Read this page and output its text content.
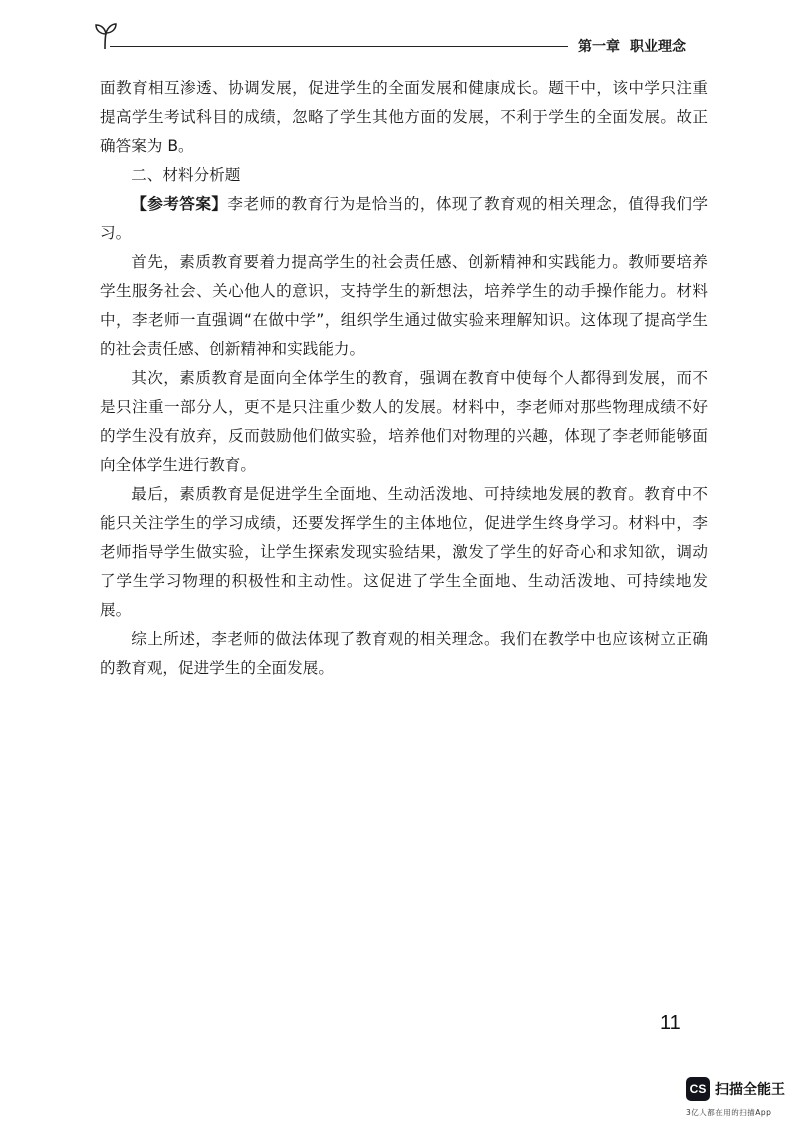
第一章 职业理念

面教育相互渗透、协调发展，促进学生的全面发展和健康成长。题干中，该中学只注重提高学生考试科目的成绩，忽略了学生其他方面的发展，不利于学生的全面发展。故正确答案为 B。

二、材料分析题

【参考答案】李老师的教育行为是恰当的，体现了教育观的相关理念，值得我们学习。

首先，素质教育要着力提高学生的社会责任感、创新精神和实践能力。教师要培养学生服务社会、关心他人的意识，支持学生的新想法，培养学生的动手操作能力。材料中，李老师一直强调“在做中学”，组织学生通过做实验来理解知识。这体现了提高学生的社会责任感、创新精神和实践能力。

其次，素质教育是面向全体学生的教育，强调在教育中使每个人都得到发展，而不是只注重一部分人，更不是只注重少数人的发展。材料中，李老师对那些物理成绩不好的学生没有放弃，反而鼓励他们做实验，培养他们对物理的兴趣，体现了李老师能够面向全体学生进行教育。

最后，素质教育是促进学生全面地、生动活泼地、可持续地发展的教育。教育中不能只关注学生的学习成绩，还要发挥学生的主体地位，促进学生终身学习。材料中，李老师指导学生做实验，让学生探索发现实验结果，激发了学生的好奇心和求知欲，调动了学生学习物理的积极性和主动性。这促进了学生全面地、生动活泼地、可持续地发展。

综上所述，李老师的做法体现了教育观的相关理念。我们在教学中也应该树立正确的教育观，促进学生的全面发展。

11
CS 扫描全能王
3亿人都在用的扫描App
